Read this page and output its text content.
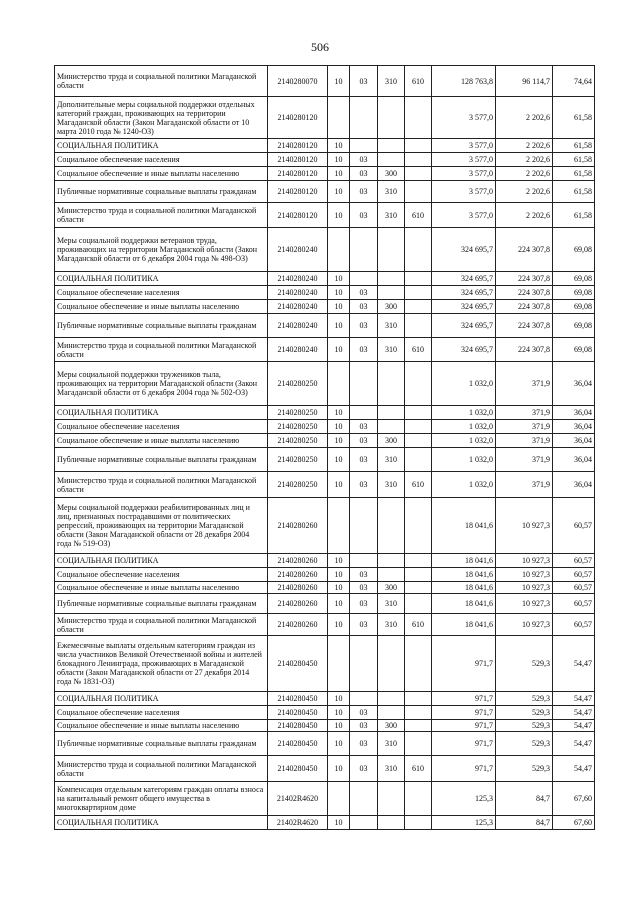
506
Министерство труда и социальной политики Магаданской области	2140280070	10	03	310	610	128 763,8	96 114,7	74,64
Дополнительные меры социальной поддержки отдельных категорий граждан, проживающих на территории Магаданской области (Закон Магаданской области от 10 марта 2010 года № 1240-ОЗ)	2140280120					3 577,0	2 202,6	61,58
СОЦИАЛЬНАЯ ПОЛИТИКА	2140280120	10				3 577,0	2 202,6	61,58
Социальное обеспечение населения	2140280120	10	03			3 577,0	2 202,6	61,58
Социальное обеспечение и иные выплаты населению	2140280120	10	03	300		3 577,0	2 202,6	61,58
Публичные нормативные социальные выплаты гражданам	2140280120	10	03	310		3 577,0	2 202,6	61,58
Министерство труда и социальной политики Магаданской области	2140280120	10	03	310	610	3 577,0	2 202,6	61,58
Меры социальной поддержки ветеранов труда, проживающих на территории Магаданской области (Закон Магаданской области от 6 декабря 2004 года № 498-ОЗ)	2140280240					324 695,7	224 307,8	69,08
СОЦИАЛЬНАЯ ПОЛИТИКА	2140280240	10				324 695,7	224 307,8	69,08
Социальное обеспечение населения	2140280240	10	03			324 695,7	224 307,8	69,08
Социальное обеспечение и иные выплаты населению	2140280240	10	03	300		324 695,7	224 307,8	69,08
Публичные нормативные социальные выплаты гражданам	2140280240	10	03	310		324 695,7	224 307,8	69,08
Министерство труда и социальной политики Магаданской области	2140280240	10	03	310	610	324 695,7	224 307,8	69,08
Меры социальной поддержки тружеников тыла, проживающих на территории Магаданской области (Закон Магаданской области от 6 декабря 2004 года № 502-ОЗ)	2140280250					1 032,0	371,9	36,04
СОЦИАЛЬНАЯ ПОЛИТИКА	2140280250	10				1 032,0	371,9	36,04
Социальное обеспечение населения	2140280250	10	03			1 032,0	371,9	36,04
Социальное обеспечение и иные выплаты населению	2140280250	10	03	300		1 032,0	371,9	36,04
Публичные нормативные социальные выплаты гражданам	2140280250	10	03	310		1 032,0	371,9	36,04
Министерство труда и социальной политики Магаданской области	2140280250	10	03	310	610	1 032,0	371,9	36,04
Меры социальной поддержки реабилитированных лиц и лиц, признанных пострадавшими от политических репрессий, проживающих на территории Магаданской области (Закон Магаданской области от 28 декабря 2004 года № 519-ОЗ)	2140280260					18 041,6	10 927,3	60,57
СОЦИАЛЬНАЯ ПОЛИТИКА	2140280260	10				18 041,6	10 927,3	60,57
Социальное обеспечение населения	2140280260	10	03			18 041,6	10 927,3	60,57
Социальное обеспечение и иные выплаты населению	2140280260	10	03	300		18 041,6	10 927,3	60,57
Публичные нормативные социальные выплаты гражданам	2140280260	10	03	310		18 041,6	10 927,3	60,57
Министерство труда и социальной политики Магаданской области	2140280260	10	03	310	610	18 041,6	10 927,3	60,57
Ежемесячные выплаты отдельным категориям граждан из числа участников Великой Отечественной войны и жителей блокадного Ленинграда, проживающих в Магаданской области (Закон Магаданской области от 27 декабря 2014 года № 1831-ОЗ)	2140280450					971,7	529,3	54,47
СОЦИАЛЬНАЯ ПОЛИТИКА	2140280450	10				971,7	529,3	54,47
Социальное обеспечение населения	2140280450	10	03			971,7	529,3	54,47
Социальное обеспечение и иные выплаты населению	2140280450	10	03	300		971,7	529,3	54,47
Публичные нормативные социальные выплаты гражданам	2140280450	10	03	310		971,7	529,3	54,47
Министерство труда и социальной политики Магаданской области	2140280450	10	03	310	610	971,7	529,3	54,47
Компенсация отдельным категориям граждан оплаты взноса на капитальный ремонт общего имущества в многоквартирном доме	21402R4620					125,3	84,7	67,60
СОЦИАЛЬНАЯ ПОЛИТИКА	21402R4620	10				125,3	84,7	67,60
